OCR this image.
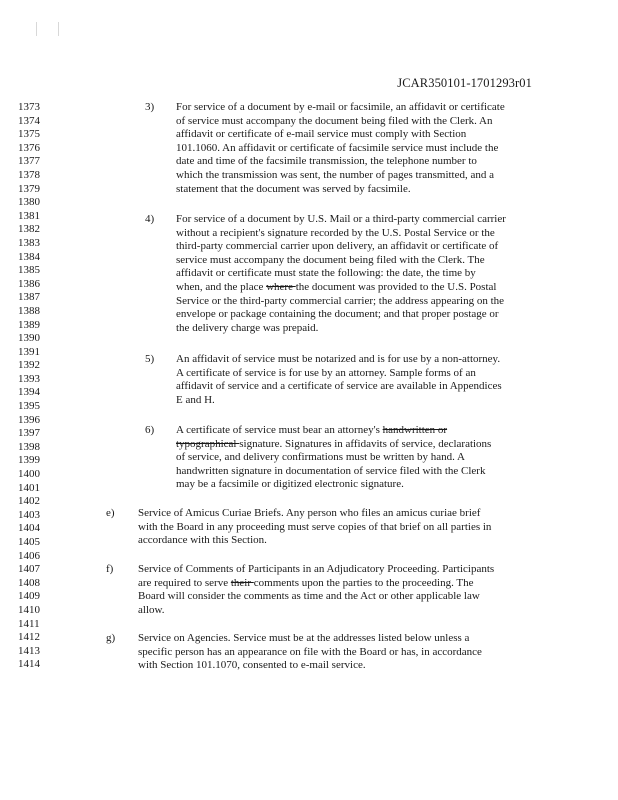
JCAR350101-1701293r01
1373
1374
1375
1376
1377
1378
1379
1380
1381
1382
1383
1384
1385
1386
1387
1388
1389
1390
1391
1392
1393
1394
1395
1396
1397
1398
1399
1400
1401
1402
1403
1404
1405
1406
1407
1408
1409
1410
1411
1412
1413
1414
3) For service of a document by e-mail or facsimile, an affidavit or certificate
of service must accompany the document being filed with the Clerk. An
affidavit or certificate of e-mail service must comply with Section
101.1060. An affidavit or certificate of facsimile service must include the
date and time of the facsimile transmission, the telephone number to
which the transmission was sent, the number of pages transmitted, and a
statement that the document was served by facsimile.
4) For service of a document by U.S. Mail or a third-party commercial carrier
without a recipient's signature recorded by the U.S. Postal Service or the
third-party commercial carrier upon delivery, an affidavit or certificate of
service must accompany the document being filed with the Clerk. The
affidavit or certificate must state the following: the date, the time by
when, and the place where the document was provided to the U.S. Postal
Service or the third-party commercial carrier; the address appearing on the
envelope or package containing the document; and that proper postage or
the delivery charge was prepaid.
5) An affidavit of service must be notarized and is for use by a non-attorney.
A certificate of service is for use by an attorney. Sample forms of an
affidavit of service and a certificate of service are available in Appendices
E and H.
6) A certificate of service must bear an attorney's handwritten or
typographical signature. Signatures in affidavits of service, declarations
of service, and delivery confirmations must be written by hand. A
handwritten signature in documentation of service filed with the Clerk
may be a facsimile or digitized electronic signature.
e) Service of Amicus Curiae Briefs. Any person who files an amicus curiae brief
with the Board in any proceeding must serve copies of that brief on all parties in
accordance with this Section.
f) Service of Comments of Participants in an Adjudicatory Proceeding. Participants
are required to serve their comments upon the parties to the proceeding. The
Board will consider the comments as time and the Act or other applicable law
allow.
g) Service on Agencies. Service must be at the addresses listed below unless a
specific person has an appearance on file with the Board or has, in accordance
with Section 101.1070, consented to e-mail service.
